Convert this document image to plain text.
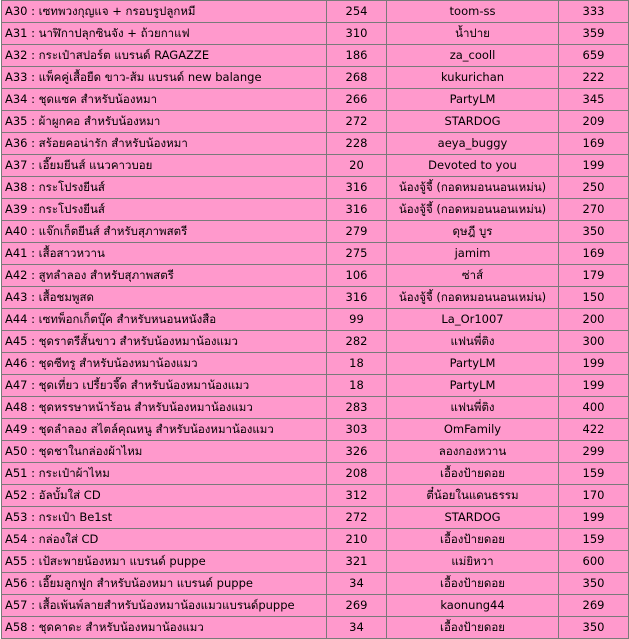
A30 : เซทพวงกุญแจ + กรอบรูปลูกหมี	254	toom-ss	333
A31 : นาฬิกาปลุกซินจัง + ถ้วยกาแฟ	310	น้ำปาย	359
A32 : กระเป๋าสปอร์ต แบรนด์ RAGAZZE	186	za_cooll	659
A33 : แพ็คคู่เสื้อยืด ขาว-ส้ม แบรนด์ new balange	268	kukurichan	222
A34 : ชุดแซค สำหรับน้องหมา	266	PartyLM	345
A35 : ผ้าผูกคอ สำหรับน้องหมา	272	STARDOG	209
A36 : สร้อยคอน่ารัก สำหรับน้องหมา	228	aeya_buggy	169
A37 : เอี๊ยมยีนส์ แนวคาวบอย	20	Devoted to you	199
A38 : กระโปรงยีนส์	316	น้องจู้จี้ (กอดหมอนนอนเหม่น)	250
A39 : กระโปรงยีนส์	316	น้องจู้จี้ (กอดหมอนนอนเหม่น)	270
A40 : แจ๊กเก็ตยีนส์ สำหรับสุภาพสตรี	279	ดุษฎี บูร	350
A41 : เสื้อสาวหวาน	275	jamim	169
A42 : สูทลำลอง สำหรับสุภาพสตรี	106	ซ่าส์	179
A43 : เสื้อชมพูสด	316	น้องจู้จี้ (กอดหมอนนอนเหม่น)	150
A44 : เซทพ็อกเก็ตบุ๊ค สำหรับหนอนหนังสือ	99	La_Or1007	200
A45 : ชุดราตรีสั้นขาว สำหรับน้องหมาน้องแมว	282	แฟนพี่ติง	300
A46 : ชุดซีทรู สำหรับน้องหมาน้องแมว	18	PartyLM	199
A47 : ชุดเที่ยว เปรี้ยวจี๊ด สำหรับน้องหมาน้องแมว	18	PartyLM	199
A48 : ชุดหรรษาหน้าร้อน สำหรับน้องหมาน้องแมว	283	แฟนพี่ติง	400
A49 : ชุดลำลอง สไตล์คุณหนู สำหรับน้องหมาน้องแมว	303	OmFamily	422
A50 : ชุดชาในกล่องผ้าไหม	326	ลองกองหวาน	299
A51 : กระเป๋าผ้าไหม	208	เอื้องป้ายดอย	159
A52 : อัลบั้มใส่ CD	312	ตี๋น้อยในแดนธรรม	170
A53 : กระเป๋า Be1st	272	STARDOG	199
A54 : กล่องใส่ CD	210	เอื้องป้ายดอย	159
A55 : เป้สะพายน้องหมา แบรนด์ puppe	321	แม่ยิหวา	600
A56 : เอี๊ยมลูกฟูก สำหรับน้องหมา แบรนด์ puppe	34	เอื้องป้ายดอย	350
A57 : เสื้อเพ้นพ์ลายสำหรับน้องหมาน้องแมวแบรนด์puppe	269	kaonung44	269
A58 : ชุดคาดะ สำหรับน้องหมาน้องแมว	34	เอื้องป้ายดอย	350
